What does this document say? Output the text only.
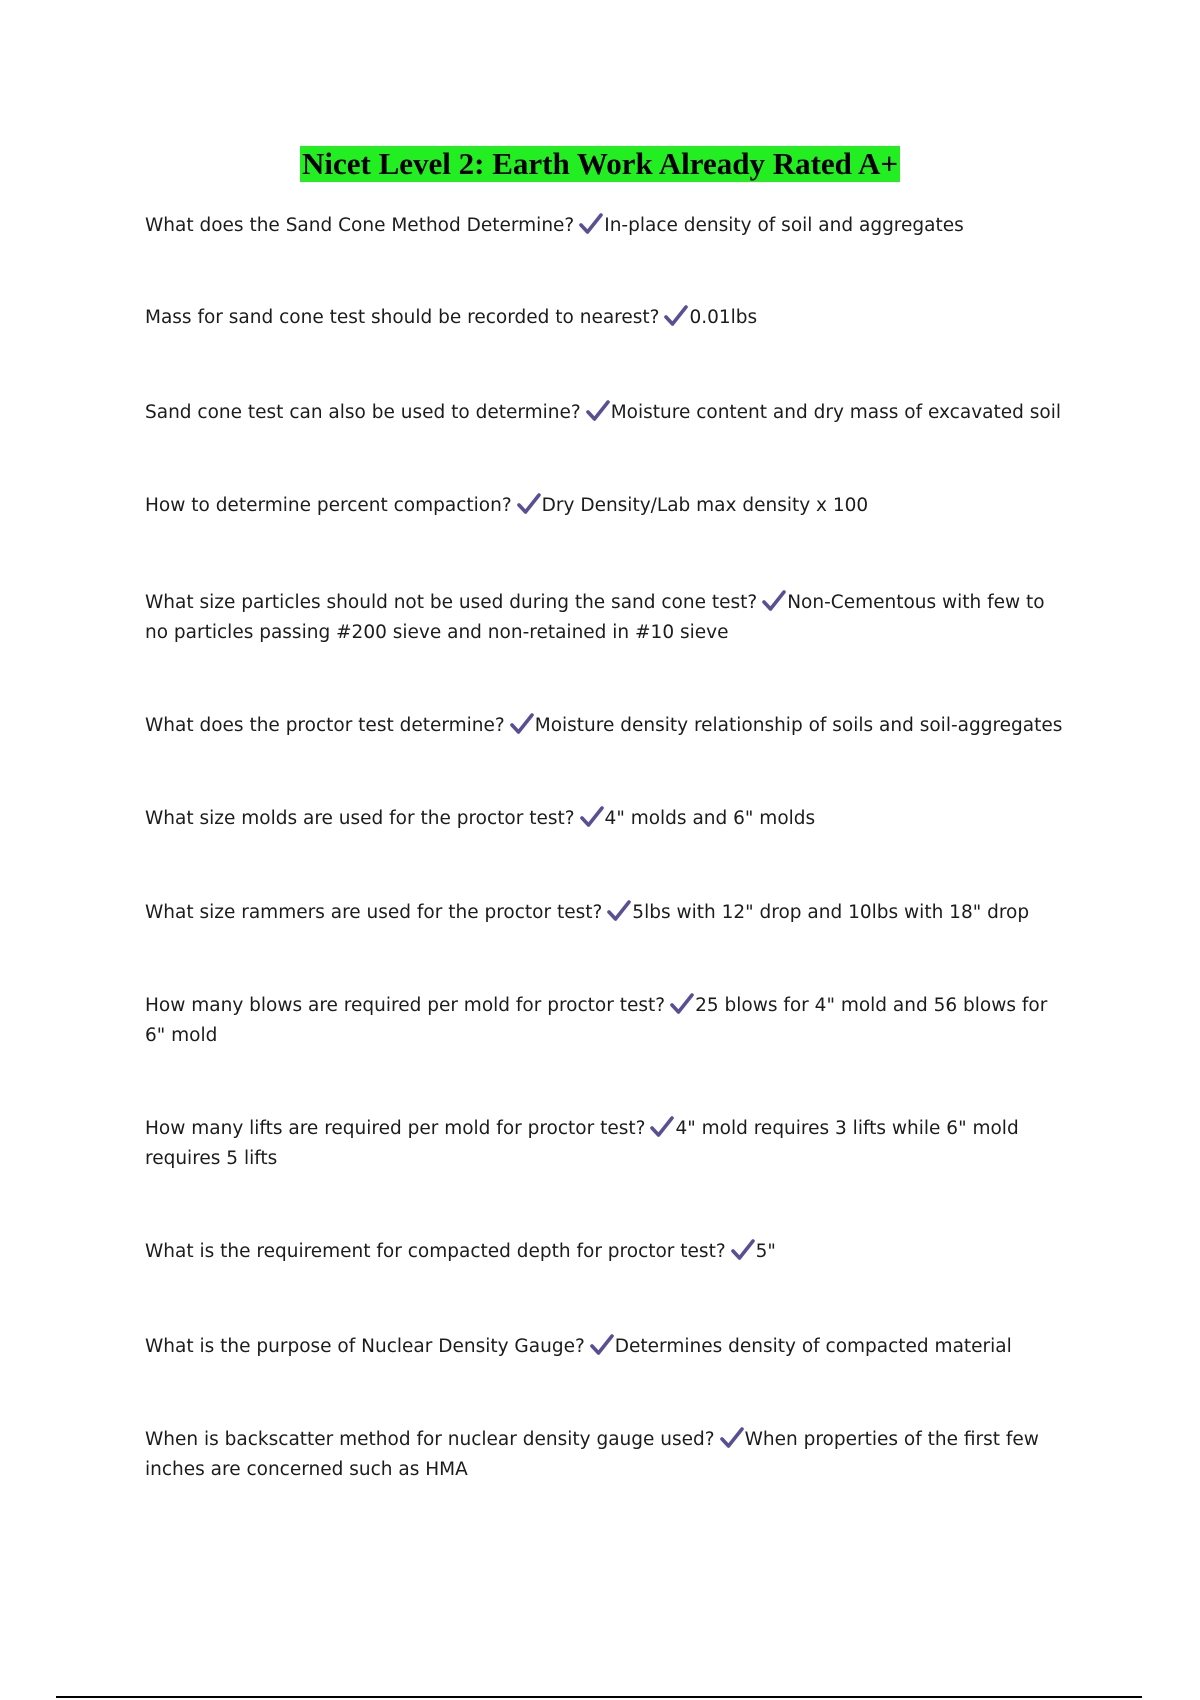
Nicet Level 2: Earth Work Already Rated A+

What does the Sand Cone Method Determine? In-place density of soil and aggregates

Mass for sand cone test should be recorded to nearest? 0.01lbs

Sand cone test can also be used to determine? Moisture content and dry mass of excavated soil

How to determine percent compaction? Dry Density/Lab max density x 100

What size particles should not be used during the sand cone test? Non-Cementous with few to no particles passing #200 sieve and non-retained in #10 sieve

What does the proctor test determine? Moisture density relationship of soils and soil-aggregates

What size molds are used for the proctor test? 4" molds and 6" molds

What size rammers are used for the proctor test? 5lbs with 12" drop and 10lbs with 18" drop

How many blows are required per mold for proctor test? 25 blows for 4" mold and 56 blows for 6" mold

How many lifts are required per mold for proctor test? 4" mold requires 3 lifts while 6" mold requires 5 lifts

What is the requirement for compacted depth for proctor test? 5"

What is the purpose of Nuclear Density Gauge? Determines density of compacted material

When is backscatter method for nuclear density gauge used? When properties of the first few inches are concerned such as HMA
